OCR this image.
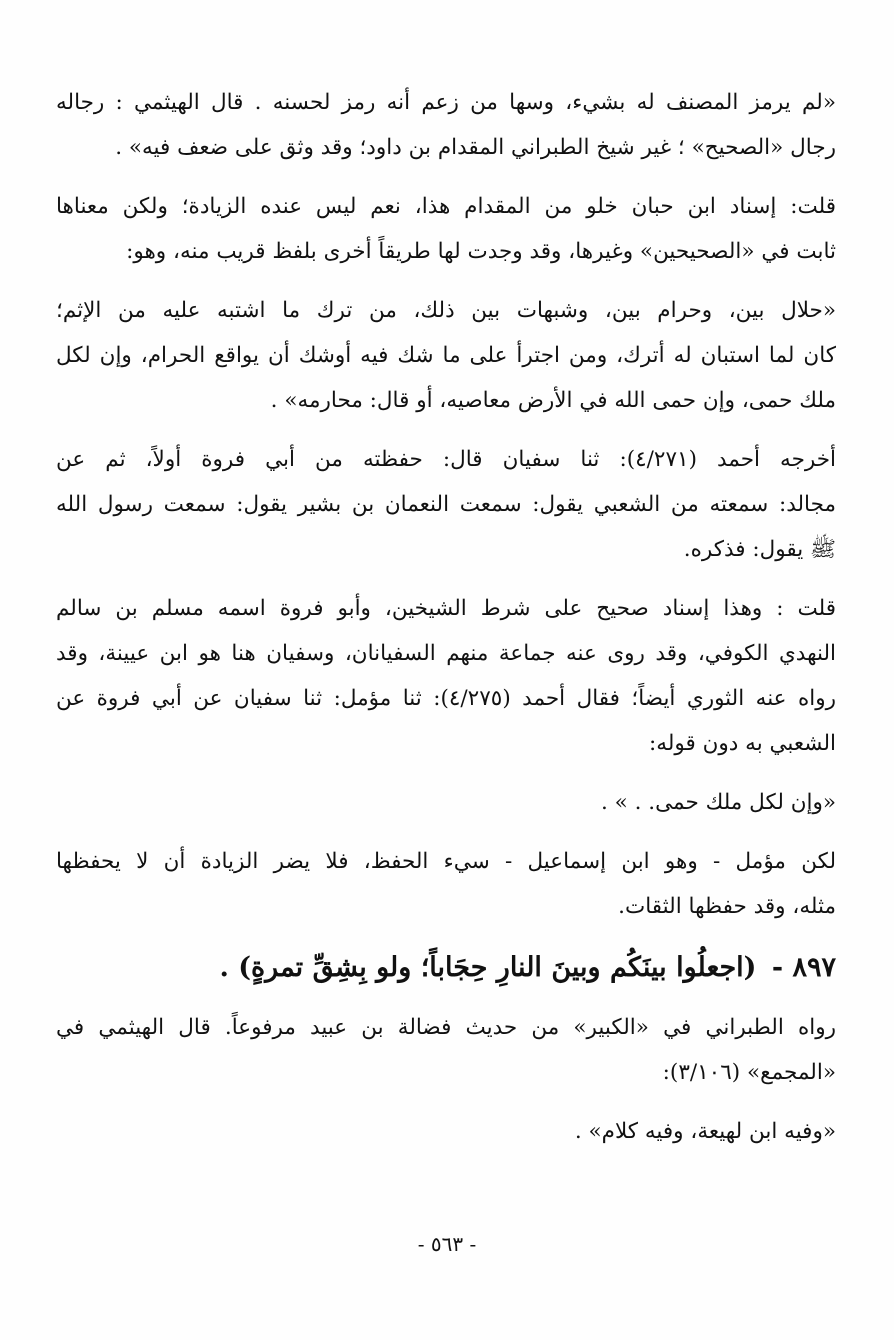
«لم يرمز المصنف له بشيء، وسها من زعم أنه رمز لحسنه . قال الهيثمي : رجاله
رجال «الصحيح» ؛ غير شيخ الطبراني المقدام بن داود؛ وقد وثق على ضعف فيه» .
قلت: إسناد ابن حبان خلو من المقدام هذا، نعم ليس عنده الزيادة؛ ولكن معناها
ثابت في «الصحيحين» وغيرها، وقد وجدت لها طريقاً أخرى بلفظ قريب منه، وهو:
«حلال بين، وحرام بين، وشبهات بين ذلك، من ترك ما اشتبه عليه من الإثم؛
كان لما استبان له أترك، ومن اجترأ على ما شك فيه أوشك أن يواقع الحرام، وإن لكل
ملك حمى، وإن حمى الله في الأرض معاصيه، أو قال: محارمه» .
أخرجه أحمد (٤/٢٧١): ثنا سفيان قال: حفظته من أبي فروة أولاً، ثم عن
مجالد: سمعته من الشعبي يقول: سمعت النعمان بن بشير يقول: سمعت رسول الله
ﷺ يقول: فذكره.
قلت : وهذا إسناد صحيح على شرط الشيخين، وأبو فروة اسمه مسلم بن سالم
النهدي الكوفي، وقد روى عنه جماعة منهم السفيانان، وسفيان هنا هو ابن عيينة، وقد
رواه عنه الثوري أيضاً؛ فقال أحمد (٤/٢٧٥): ثنا مؤمل: ثنا سفيان عن أبي فروة عن
الشعبي به دون قوله:
«وإن لكل ملك حمى. . » .
لكن مؤمل - وهو ابن إسماعيل - سيء الحفظ، فلا يضر الزيادة أن لا يحفظها
مثله، وقد حفظها الثقات.
٨٩٧ - (اجعلُوا بينَكُم وبينَ النارِ حِجَاباً؛ ولو بِشِقِّ تمرةٍ) .
رواه الطبراني في «الكبير» من حديث فضالة بن عبيد مرفوعاً. قال الهيثمي في
«المجمع» (٣/١٠٦):
«وفيه ابن لهيعة، وفيه كلام» .
- ٥٦٣ -
